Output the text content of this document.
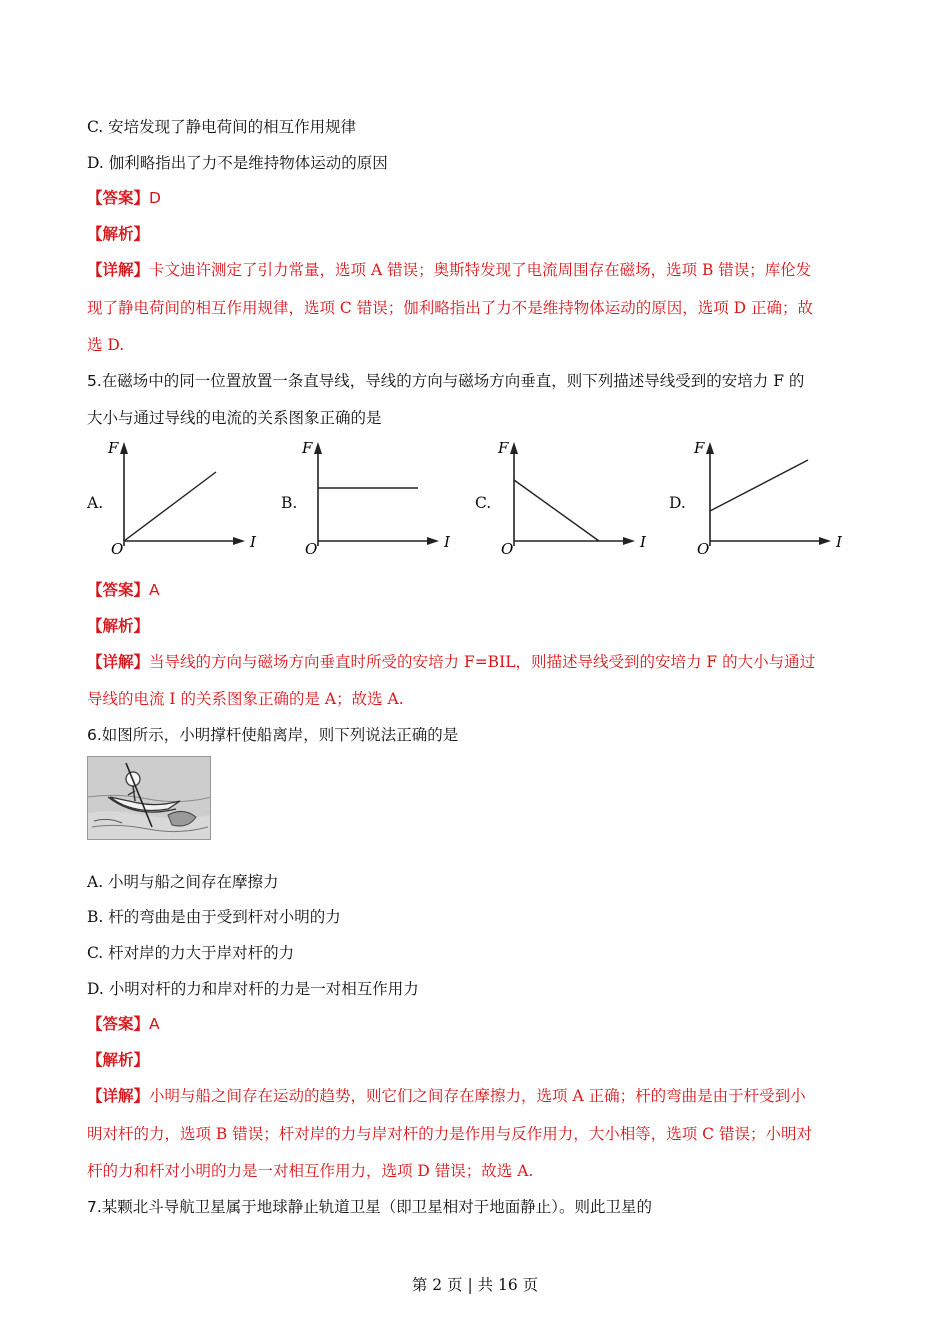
C. 安培发现了静电荷间的相互作用规律
D. 伽利略指出了力不是维持物体运动的原因
【答案】D
【解析】
【详解】卡文迪许测定了引力常量，选项 A 错误；奥斯特发现了电流周围存在磁场，选项 B 错误；库伦发
现了静电荷间的相互作用规律，选项 C 错误；伽利略指出了力不是维持物体运动的原因，选项 D 正确；故
选 D.
5.在磁场中的同一位置放置一条直导线，导线的方向与磁场方向垂直，则下列描述导线受到的安培力 F 的
大小与通过导线的电流的关系图象正确的是
A.
F
I
O
B.
F
I
O
C.
F
I
O
D.
F
I
O
【答案】A
【解析】
【详解】当导线的方向与磁场方向垂直时所受的安培力 F=BIL，则描述导线受到的安培力 F 的大小与通过
导线的电流 I 的关系图象正确的是 A；故选 A.
6.如图所示，小明撑杆使船离岸，则下列说法正确的是
A. 小明与船之间存在摩擦力
B. 杆的弯曲是由于受到杆对小明的力
C. 杆对岸的力大于岸对杆的力
D. 小明对杆的力和岸对杆的力是一对相互作用力
【答案】A
【解析】
【详解】小明与船之间存在运动的趋势，则它们之间存在摩擦力，选项 A 正确；杆的弯曲是由于杆受到小
明对杆的力，选项 B 错误；杆对岸的力与岸对杆的力是作用与反作用力，大小相等，选项 C 错误；小明对
杆的力和杆对小明的力是一对相互作用力，选项 D 错误；故选 A.
7.某颗北斗导航卫星属于地球静止轨道卫星（即卫星相对于地面静止）。则此卫星的
第 2 页 | 共 16 页
